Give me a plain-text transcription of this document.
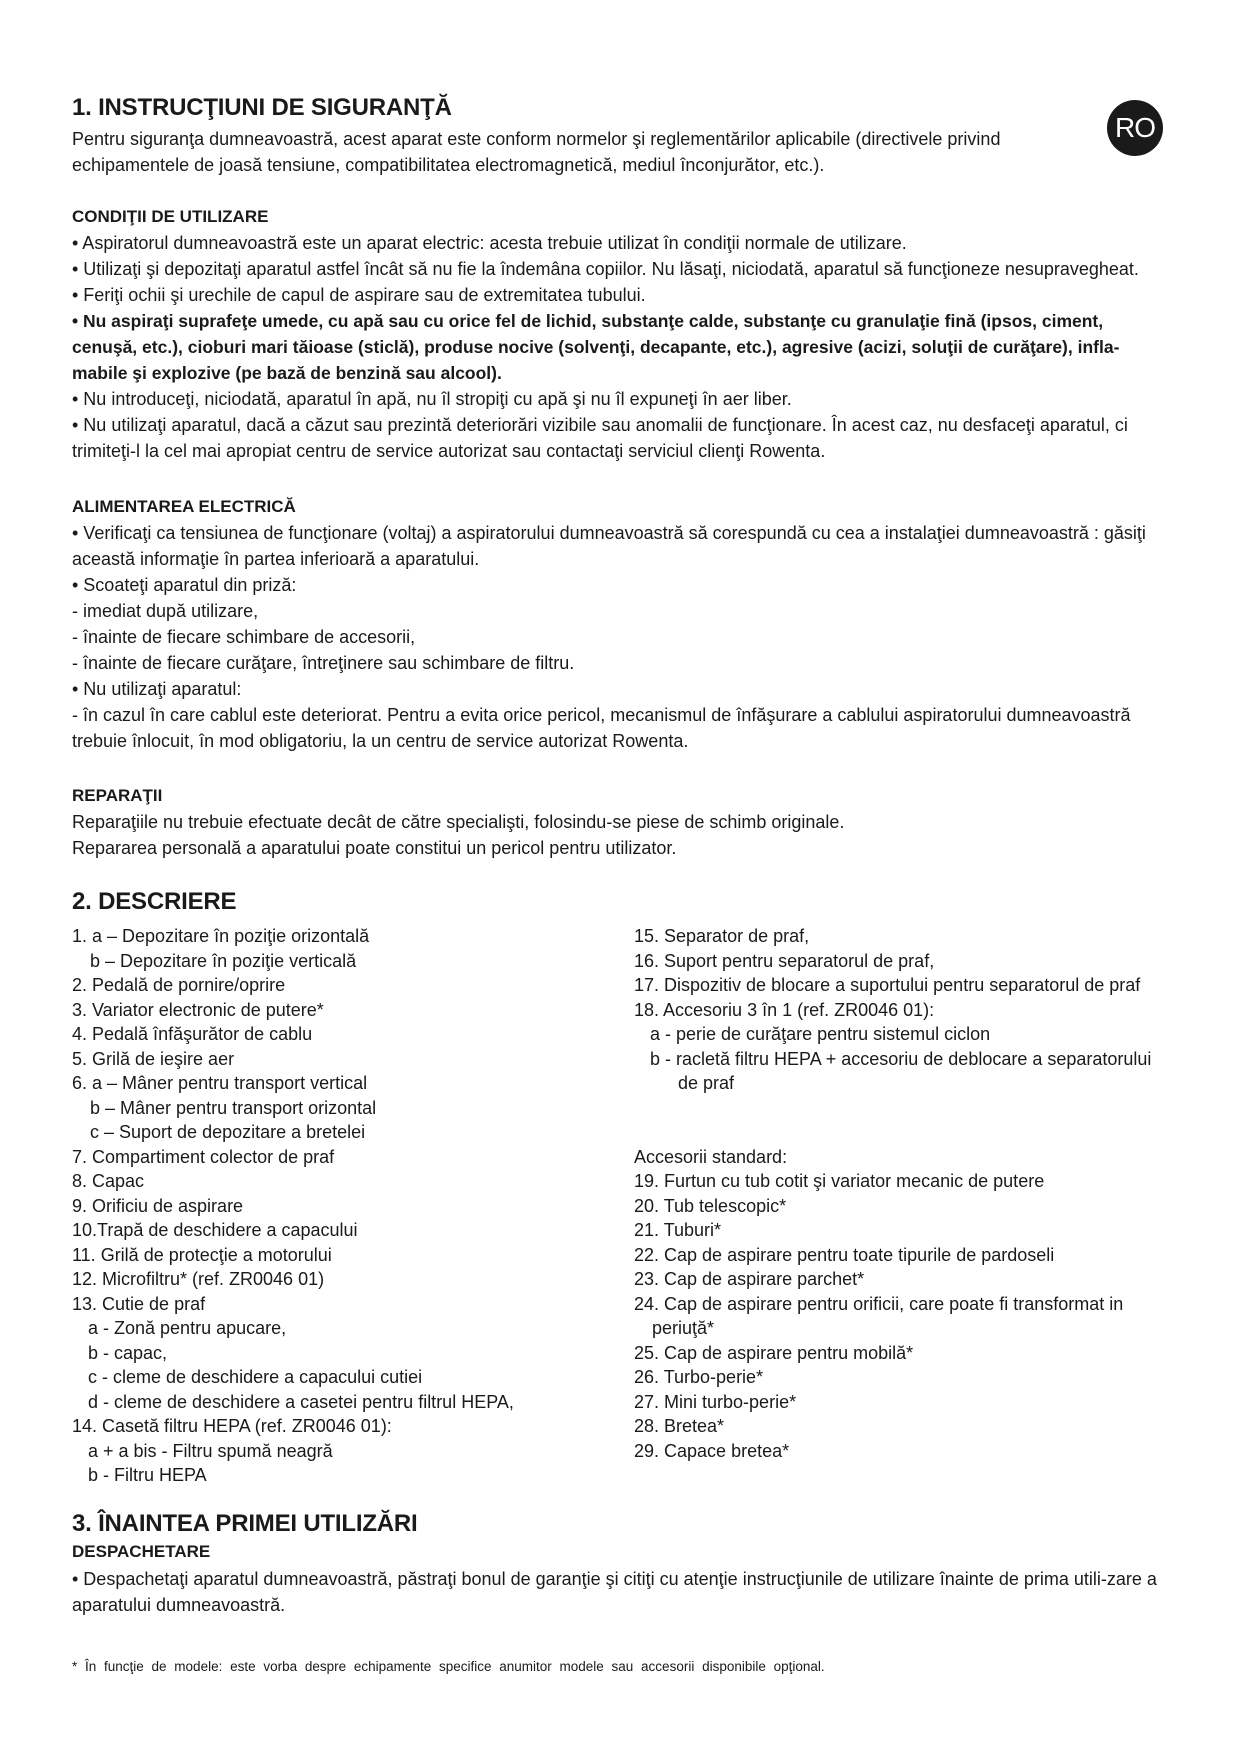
RO
1. INSTRUCŢIUNI DE SIGURANŢĂ
Pentru siguranţa dumneavoastră, acest aparat este conform normelor şi reglementărilor aplicabile (directivele privind echipamentele de joasă tensiune, compatibilitatea electromagnetică, mediul înconjurător, etc.).
CONDIŢII DE UTILIZARE

• Aspiratorul dumneavoastră este un aparat electric: acesta trebuie utilizat în condiţii normale de utilizare.

• Utilizaţi şi depozitaţi aparatul astfel încât să nu fie la îndemâna copiilor. Nu lăsaţi, niciodată, aparatul să funcţioneze nesupravegheat.

• Feriţi ochii şi urechile de capul de aspirare sau de extremitatea tubului.

• Nu aspiraţi suprafeţe umede, cu apă sau cu orice fel de lichid, substanţe calde, substanţe cu granulaţie fină (ipsos, ciment, cenuşă, etc.), cioburi mari tăioase (sticlă), produse nocive (solvenţi, decapante, etc.), agresive (acizi, soluţii de curăţare), infla-mabile şi explozive (pe bază de benzină sau alcool).

• Nu introduceţi, niciodată, aparatul în apă, nu îl stropiţi cu apă şi nu îl expuneţi în aer liber.

• Nu utilizaţi aparatul, dacă a căzut sau prezintă deteriorări vizibile sau anomalii de funcţionare. În acest caz, nu desfaceţi aparatul, ci trimiteţi-l la cel mai apropiat centru de service autorizat sau contactaţi serviciul clienţi Rowenta.

ALIMENTAREA ELECTRICĂ

• Verificaţi ca tensiunea de funcţionare (voltaj) a aspiratorului dumneavoastră să corespundă cu cea a instalaţiei dumneavoastră : găsiţi această informaţie în partea inferioară a aparatului.

• Scoateţi aparatul din priză:

- imediat după utilizare,

- înainte de fiecare schimbare de accesorii,

- înainte de fiecare curăţare, întreţinere sau schimbare de filtru.

• Nu utilizaţi aparatul:

- în cazul în care cablul este deteriorat. Pentru a evita orice pericol, mecanismul de înfăşurare a cablului aspiratorului dumneavoastră trebuie înlocuit, în mod obligatoriu, la un centru de service autorizat Rowenta.

REPARAŢII

Reparaţiile nu trebuie efectuate decât de către specialişti, folosindu-se piese de schimb originale.

Repararea personală a aparatului poate constitui un pericol pentru utilizator.

2. DESCRIERE
1. a – Depozitare în poziţie orizontală
b – Depozitare în poziţie verticală
2. Pedală de pornire/oprire
3. Variator electronic de putere*
4. Pedală înfăşurător de cablu
5. Grilă de ieşire aer
6. a – Mâner pentru transport vertical
b – Mâner pentru transport orizontal
c – Suport de depozitare a bretelei
7. Compartiment colector de praf
8. Capac
9. Orificiu de aspirare
10.Trapă de deschidere a capacului
11. Grilă de protecţie a motorului
12. Microfiltru* (ref. ZR0046 01)
13. Cutie de praf
a - Zonă pentru apucare,
b - capac,
c - cleme de deschidere a capacului cutiei
d - cleme de deschidere a casetei pentru filtrul HEPA,
14. Casetă filtru HEPA (ref. ZR0046 01):
a + a bis - Filtru spumă neagră
b - Filtru HEPA
15. Separator de praf,
16. Suport pentru separatorul de praf,
17. Dispozitiv de blocare a suportului pentru separatorul de praf
18. Accesoriu 3 în 1 (ref. ZR0046 01):
a - perie de curăţare pentru sistemul ciclon
b - racletă filtru HEPA + accesoriu de deblocare a separatorului
de praf
Accesorii standard:
19. Furtun cu tub cotit şi variator mecanic de putere
20. Tub telescopic*
21. Tuburi*
22. Cap de aspirare pentru toate tipurile de pardoseli
23. Cap de aspirare parchet*
24. Cap de aspirare pentru orificii, care poate fi transformat in
periuţă*
25. Cap de aspirare pentru mobilă*
26. Turbo-perie*
27. Mini turbo-perie*
28. Bretea*
29. Capace bretea*
3. ÎNAINTEA PRIMEI UTILIZĂRI
DESPACHETARE
• Despachetaţi aparatul dumneavoastră, păstraţi bonul de garanţie şi citiţi cu atenţie instrucţiunile de utilizare înainte de prima utili-zare a aparatului dumneavoastră.
* În funcţie de modele: este vorba despre echipamente specifice anumitor modele sau accesorii disponibile opţional.
